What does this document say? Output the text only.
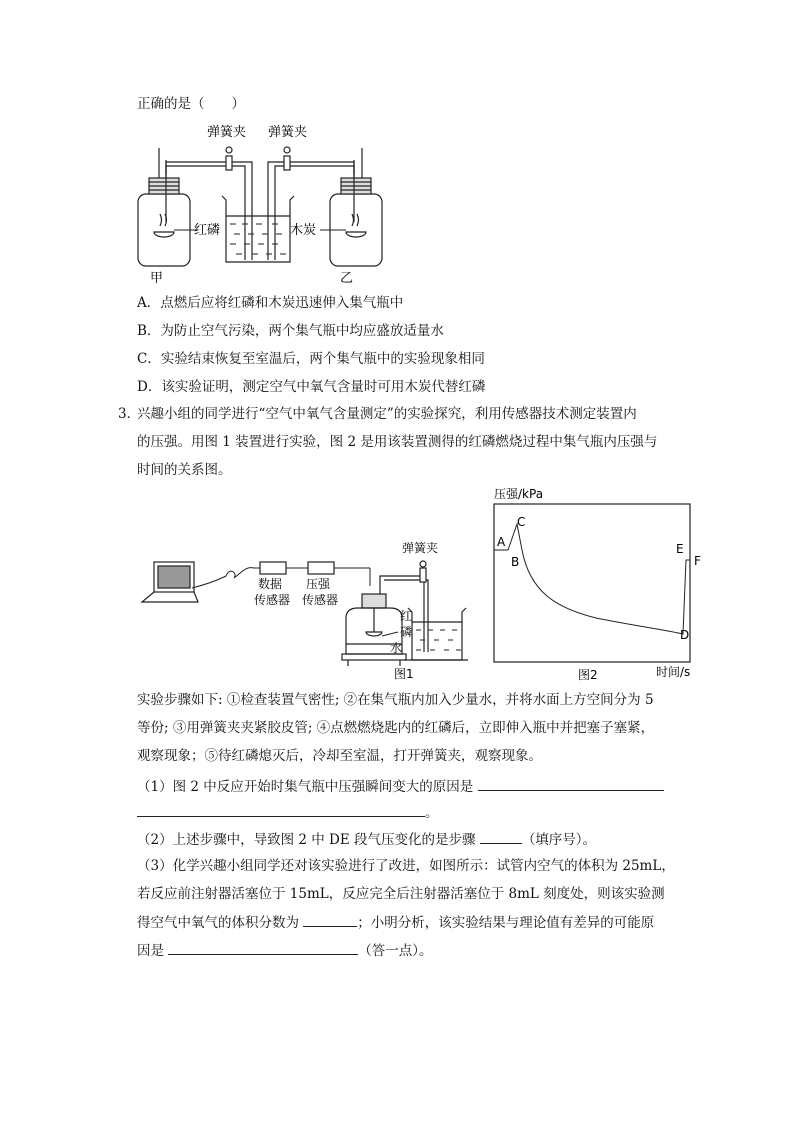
正确的是（　　）
弹簧夹 弹簧夹
红磷	木炭
甲	乙
A．点燃后应将红磷和木炭迅速伸入集气瓶中
B．为防止空气污染，两个集气瓶中均应盛放适量水
C．实验结束恢复至室温后，两个集气瓶中的实验现象相同
D．该实验证明，测定空气中氧气含量时可用木炭代替红磷
3．
兴趣小组的同学进行“空气中氧气含量测定”的实验探究，利用传感器技术测定装置内
的压强。用图 1 装置进行实验，图 2 是用该装置测得的红磷燃烧过程中集气瓶内压强与
时间的关系图。
数据
传感器
压强
传感器
弹簧夹
红
磷
水
图1
压强/kPa
A
B
C
D
E
F
图2	时间/s
实验步骤如下: ①检查装置气密性; ②在集气瓶内加入少量水，并将水面上方空间分为 5
等份; ③用弹簧夹夹紧胶皮管; ④点燃燃烧匙内的红磷后，立即伸入瓶中并把塞子塞紧，
观察现象；⑤待红磷熄灭后，冷却至室温，打开弹簧夹，观察现象。
（1）图 2 中反应开始时集气瓶中压强瞬间变大的原因是
。
（2）上述步骤中，导致图 2 中 DE 段气压变化的是步骤	（填序号）。
（3）化学兴趣小组同学还对该实验进行了改进，如图所示：试管内空气的体积为 25mL，
若反应前注射器活塞位于 15mL，反应完全后注射器活塞位于 8mL 刻度处，则该实验测
得空气中氧气的体积分数为	；小明分析，该实验结果与理论值有差异的可能原
因是	（答一点）。
